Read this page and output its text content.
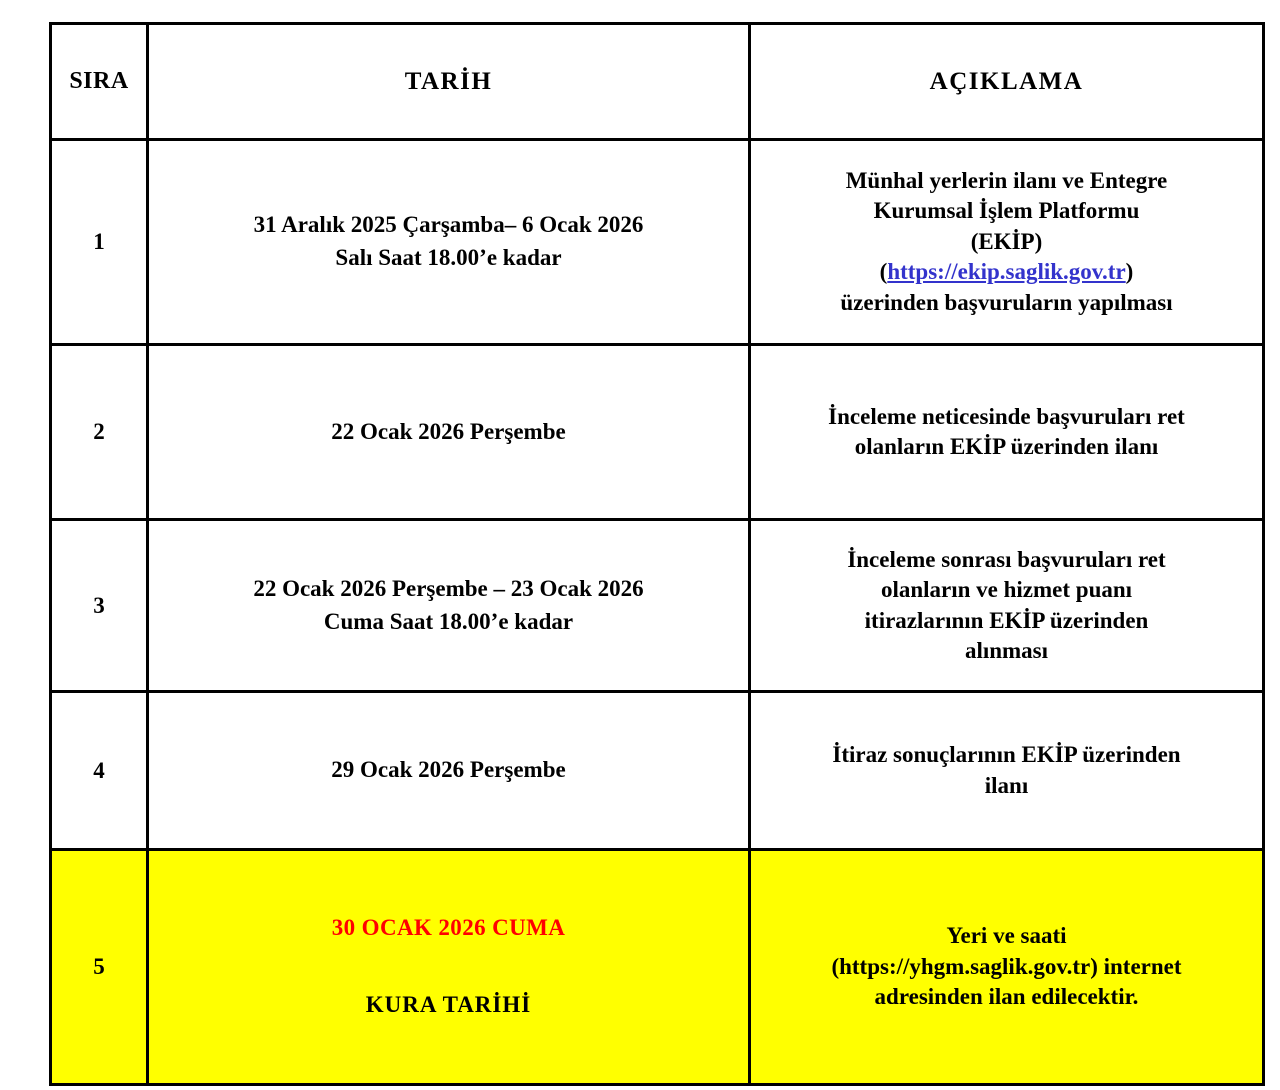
SIRA	TARİH	AÇIKLAMA
1	31 Aralık 2025 Çarşamba– 6 Ocak 2026
Salı Saat 18.00’e kadar	Münhal yerlerin ilanı ve Entegre
Kurumsal İşlem Platformu
(EKİP)
(https://ekip.saglik.gov.tr)
üzerinden başvuruların yapılması

2	22 Ocak 2026 Perşembe	İnceleme neticesinde başvuruları ret
olanların EKİP üzerinden ilanı

3	22 Ocak 2026 Perşembe – 23 Ocak 2026
Cuma Saat 18.00’e kadar	İnceleme sonrası başvuruları ret
olanların ve hizmet puanı
itirazlarının EKİP üzerinden
alınması

4	29 Ocak 2026 Perşembe	İtiraz sonuçlarının EKİP üzerinden
ilanı

5	30 OCAK 2026 CUMA
KURA TARİHİ	Yeri ve saati
(https://yhgm.saglik.gov.tr) internet
adresinden ilan edilecektir.
